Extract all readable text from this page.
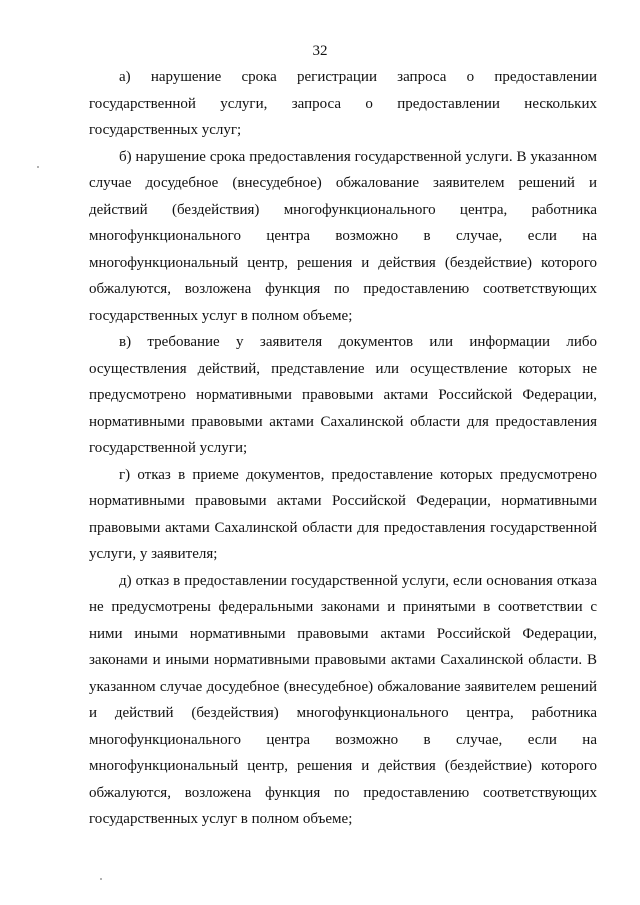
32

а) нарушение срока регистрации запроса о предоставлении государственной услуги, запроса о предоставлении нескольких государственных услуг;

б) нарушение срока предоставления государственной услуги. В указанном случае досудебное (внесудебное) обжалование заявителем решений и действий (бездействия) многофункционального центра, работника многофункционального центра возможно в случае, если на многофункциональный центр, решения и действия (бездействие) которого обжалуются, возложена функция по предоставлению соответствующих государственных услуг в полном объеме;

в) требование у заявителя документов или информации либо осуществления действий, представление или осуществление которых не предусмотрено нормативными правовыми актами Российской Федерации, нормативными правовыми актами Сахалинской области для предоставления государственной услуги;

г) отказ в приеме документов, предоставление которых предусмотрено нормативными правовыми актами Российской Федерации, нормативными правовыми актами Сахалинской области для предоставления государственной услуги, у заявителя;

д) отказ в предоставлении государственной услуги, если основания отказа не предусмотрены федеральными законами и принятыми в соответствии с ними иными нормативными правовыми актами Российской Федерации, законами и иными нормативными правовыми актами Сахалинской области. В указанном случае досудебное (внесудебное) обжалование заявителем решений и действий (бездействия) многофункционального центра, работника многофункционального центра возможно в случае, если на многофункциональный центр, решения и действия (бездействие) которого обжалуются, возложена функция по предоставлению соответствующих государственных услуг в полном объеме;
